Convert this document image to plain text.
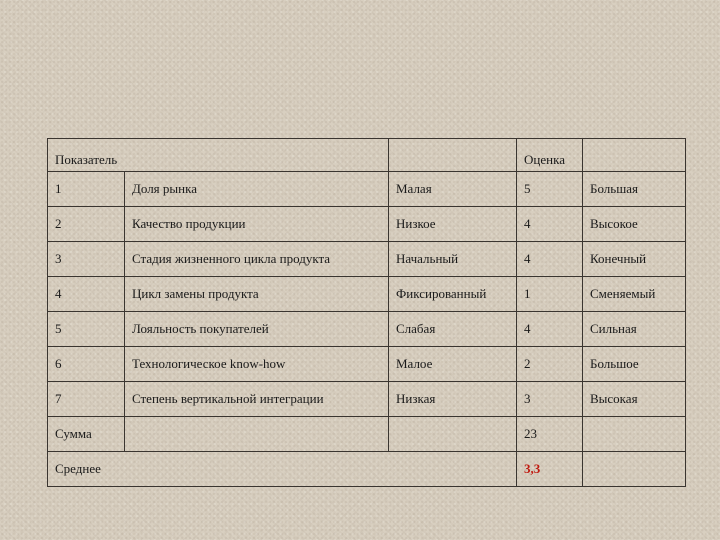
Показатель			Оценка	
1	Доля рынка	Малая	5	Большая
2	Качество продукции	Низкое	4	Высокое
3	Стадия жизненного цикла продукта	Начальный	4	Конечный
4	Цикл замены продукта	Фиксированный	1	Сменяемый
5	Лояльность покупателей	Слабая	4	Сильная
6	Технологическое know-how	Малое	2	Большое
7	Степень вертикальной интеграции	Низкая	3	Высокая
Сумма			23	
Среднее			3,3	
